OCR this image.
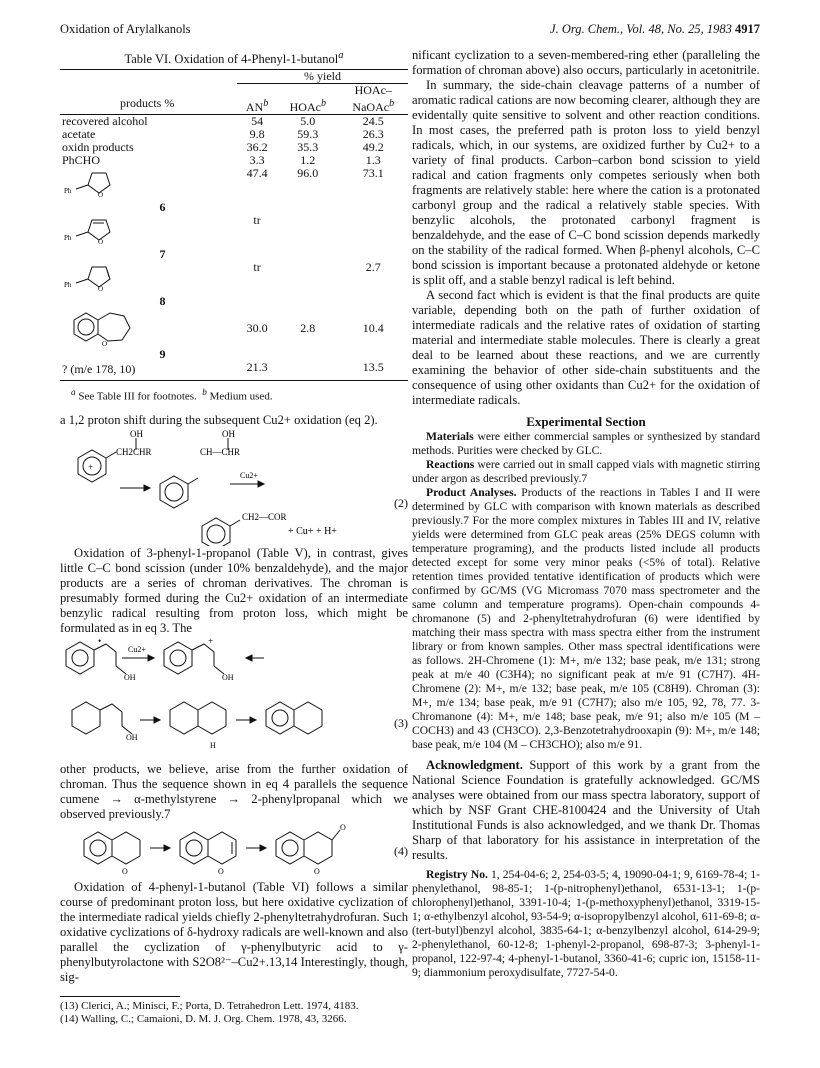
Oxidation of Arylalkanols	J. Org. Chem., Vol. 48, No. 25, 1983 4917
Table VI. Oxidation of 4-Phenyl-1-butanol$^a$
	% yield		
			HOAc–
products %	$AN^b$	HOAc$^b$	NaOAc$^b$
recovered alcohol	54	5.0	24.5
acetate	9.8	59.3	26.3
oxidn products	36.2	35.3	49.2
PhCHO	3.3	1.2	1.3

O
Ph	47.4	96.0	73.1
6			

O
Ph	tr		
7			

O
Ph	tr		2.7
8			

O	30.0	2.8	10.4
9			
? (m/e 178, 10)	21.3		13.5
$^a$ See Table III for footnotes. $^b$ Medium used.

a 1,2 proton shift during the subsequent Cu2+ oxidation (eq 2).

+
OH
CH2CHR
OH
CH—CHR
Cu2+
CH2—COR
+ Cu+ + H+
(2)

Oxidation of 3-phenyl-1-propanol (Table V), in contrast, gives little C–C bond scission (under 10% benzaldehyde), and the major products are a series of chroman derivatives. The chroman is presumably formed during the Cu2+ oxidation of an intermediate benzylic radical resulting from proton loss, which might be formulated as in eq 3. The

•	+
Cu2+
OH	OH
OH
H
(3)

other products, we believe, arise from the further oxidation of chroman. Thus the sequence shown in eq 4 parallels the sequence cumene → α-methylstyrene → 2-phenylpropanal which we observed previously.7

O	O	O
O
(4)

Oxidation of 4-phenyl-1-butanol (Table VI) follows a similar course of predominant proton loss, but here oxidative cyclization of the intermediate radical yields chiefly 2-phenyltetrahydrofuran. Such oxidative cyclizations of δ-hydroxy radicals are well-known and also parallel the cyclization of γ-phenylbutyric acid to γ-phenylbutyrolactone with S2O8²⁻–Cu2+.13,14 Interestingly, though, sig-

(13) Clerici, A.; Minisci, F.; Porta, D. Tetrahedron Lett. 1974, 4183.
(14) Walling, C.; Camaioni, D. M. J. Org. Chem. 1978, 43, 3266.

nificant cyclization to a seven-membered-ring ether (paralleling the formation of chroman above) also occurs, particularly in acetonitrile.

In summary, the side-chain cleavage patterns of a number of aromatic radical cations are now becoming clearer, although they are evidentally quite sensitive to solvent and other reaction conditions. In most cases, the preferred path is proton loss to yield benzyl radicals, which, in our systems, are oxidized further by Cu2+ to a variety of final products. Carbon–carbon bond scission to yield radical and cation fragments only competes seriously when both fragments are relatively stable: here where the cation is a protonated carbonyl group and the radical a relatively stable species. With benzylic alcohols, the protonated carbonyl fragment is benzaldehyde, and the ease of C–C bond scission depends markedly on the stability of the radical formed. When β-phenyl alcohols, C–C bond scission is important because a protonated aldehyde or ketone is split off, and a stable benzyl radical is left behind.

A second fact which is evident is that the final products are quite variable, depending both on the path of further oxidation of intermediate radicals and the relative rates of oxidation of starting material and intermediate stable molecules. There is clearly a great deal to be learned about these reactions, and we are currently examining the behavior of other side-chain substituents and the consequence of using other oxidants than Cu2+ for the oxidation of intermediate radicals.

Experimental Section

Materials were either commercial samples or synthesized by standard methods. Purities were checked by GLC.

Reactions were carried out in small capped vials with magnetic stirring under argon as described previously.7

Product Analyses. Products of the reactions in Tables I and II were determined by GLC with comparison with known materials as described previously.7 For the more complex mixtures in Tables III and IV, relative yields were determined from GLC peak areas (25% DEGS column with temperature programing), and the products listed include all products detected except for some very minor peaks (<5% of total). Relative retention times provided tentative identification of products which were confirmed by GC/MS (VG Micromass 7070 mass spectrometer and the same column and temperature programs). Open-chain compounds 4-chromanone (5) and 2-phenyltetrahydrofuran (6) were identified by matching their mass spectra with mass spectra either from the instrument library or from known samples. Other mass spectral identifications were as follows. 2H-Chromene (1): M+, m/e 132; base peak, m/e 131; strong peak at m/e 40 (C3H4); no significant peak at m/e 91 (C7H7). 4H-Chromene (2): M+, m/e 132; base peak, m/e 105 (C8H9). Chroman (3): M+, m/e 134; base peak, m/e 91 (C7H7); also m/e 105, 92, 78, 77. 3-Chromanone (4): M+, m/e 148; base peak, m/e 91; also m/e 105 (M – COCH3) and 43 (CH3CO). 2,3-Benzotetrahydrooxapin (9): M+, m/e 148; base peak, m/e 104 (M – CH3CHO); also m/e 91.

Acknowledgment. Support of this work by a grant from the National Science Foundation is gratefully acknowledged. GC/MS analyses were obtained from our mass spectra laboratory, support of which by NSF Grant CHE-8100424 and the University of Utah Institutional Funds is also acknowledged, and we thank Dr. Thomas Sharp of that laboratory for his assistance in interpretation of the results.

Registry No. 1, 254-04-6; 2, 254-03-5; 4, 19090-04-1; 9, 6169-78-4; 1-phenylethanol, 98-85-1; 1-(p-nitrophenyl)ethanol, 6531-13-1; 1-(p-chlorophenyl)ethanol, 3391-10-4; 1-(p-methoxyphenyl)ethanol, 3319-15-1; α-ethylbenzyl alcohol, 93-54-9; α-isopropylbenzyl alcohol, 611-69-8; α-(tert-butyl)benzyl alcohol, 3835-64-1; α-benzylbenzyl alcohol, 614-29-9; 2-phenylethanol, 60-12-8; 1-phenyl-2-propanol, 698-87-3; 3-phenyl-1-propanol, 122-97-4; 4-phenyl-1-butanol, 3360-41-6; cupric ion, 15158-11-9; diammonium peroxydisulfate, 7727-54-0.
